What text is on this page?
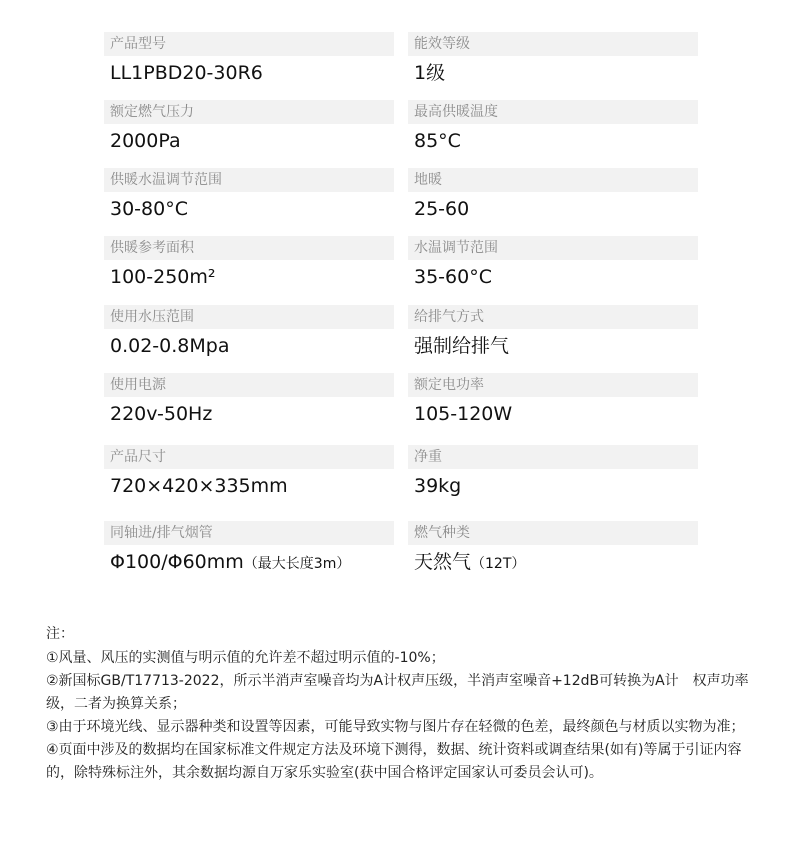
产品型号
LL1PBD20-30R6
能效等级
1级
额定燃气压力
2000Pa
最高供暖温度
85°C
供暖水温调节范围
30-80°C
地暖
25-60
供暖参考面积
100-250m²
水温调节范围
35-60°C
使用水压范围
0.02-0.8Mpa
给排气方式
强制给排气
使用电源
220v-50Hz
额定电功率
105-120W
产品尺寸
720×420×335mm
净重
39kg
同轴进/排气烟管
Φ100/Φ60mm（最大长度3m）
燃气种类
天然气（12T）

注：

①风量、风压的实测值与明示值的允许差不超过明示值的-10%；

②新国标GB/T17713-2022，所示半消声室噪音均为A计权声压级，半消声室噪音+12dB可转换为A计　权声功率级，二者为换算关系；

③由于环境光线、显示器种类和设置等因素，可能导致实物与图片存在轻微的色差，最终颜色与材质以实物为准；

④页面中涉及的数据均在国家标准文件规定方法及环境下测得，数据、统计资料或调查结果(如有)等属于引证内容的，除特殊标注外，其余数据均源自万家乐实验室(获中国合格评定国家认可委员会认可)。
